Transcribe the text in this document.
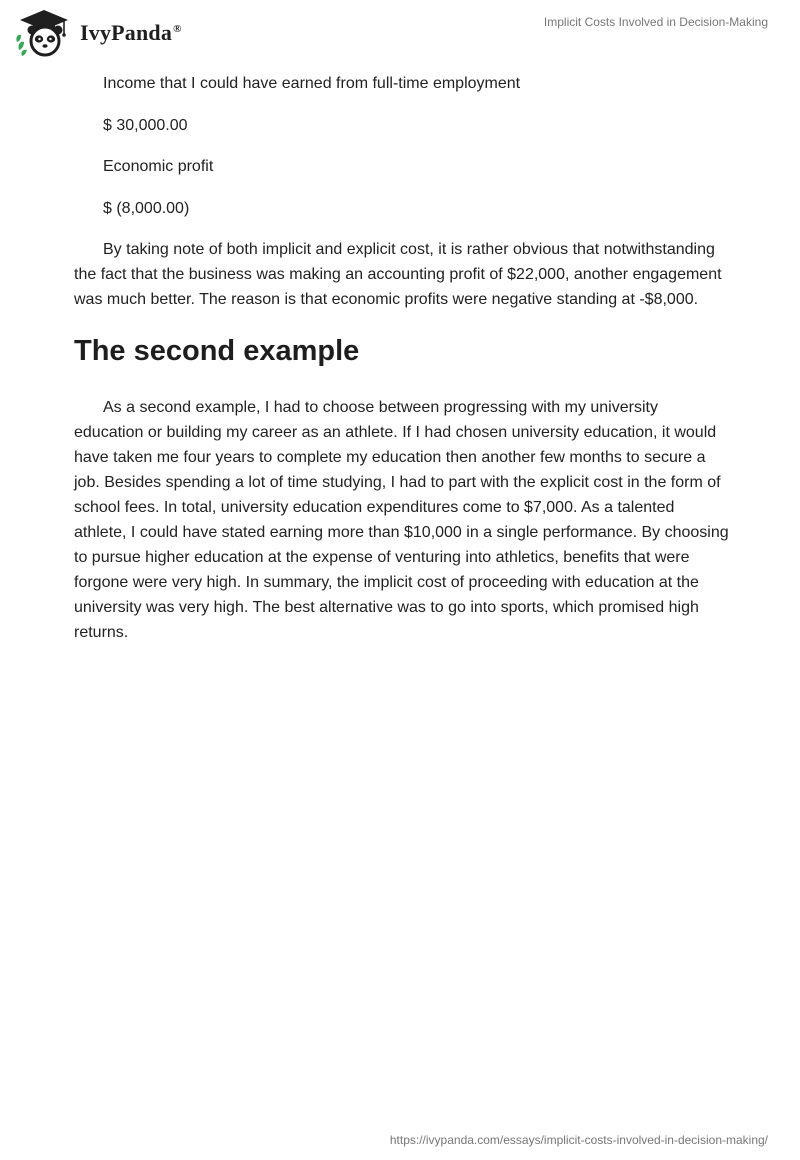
IvyPanda®	Implicit Costs Involved in Decision-Making

Income that I could have earned from full-time employment

$ 30,000.00

Economic profit

$ (8,000.00)

By taking note of both implicit and explicit cost, it is rather obvious that notwithstanding the fact that the business was making an accounting profit of $22,000, another engagement was much better. The reason is that economic profits were negative standing at -$8,000.

The second example

As a second example, I had to choose between progressing with my university education or building my career as an athlete. If I had chosen university education, it would have taken me four years to complete my education then another few months to secure a job. Besides spending a lot of time studying, I had to part with the explicit cost in the form of school fees. In total, university education expenditures come to $7,000. As a talented athlete, I could have stated earning more than $10,000 in a single performance. By choosing to pursue higher education at the expense of venturing into athletics, benefits that were forgone were very high. In summary, the implicit cost of proceeding with education at the university was very high. The best alternative was to go into sports, which promised high returns.

https://ivypanda.com/essays/implicit-costs-involved-in-decision-making/
